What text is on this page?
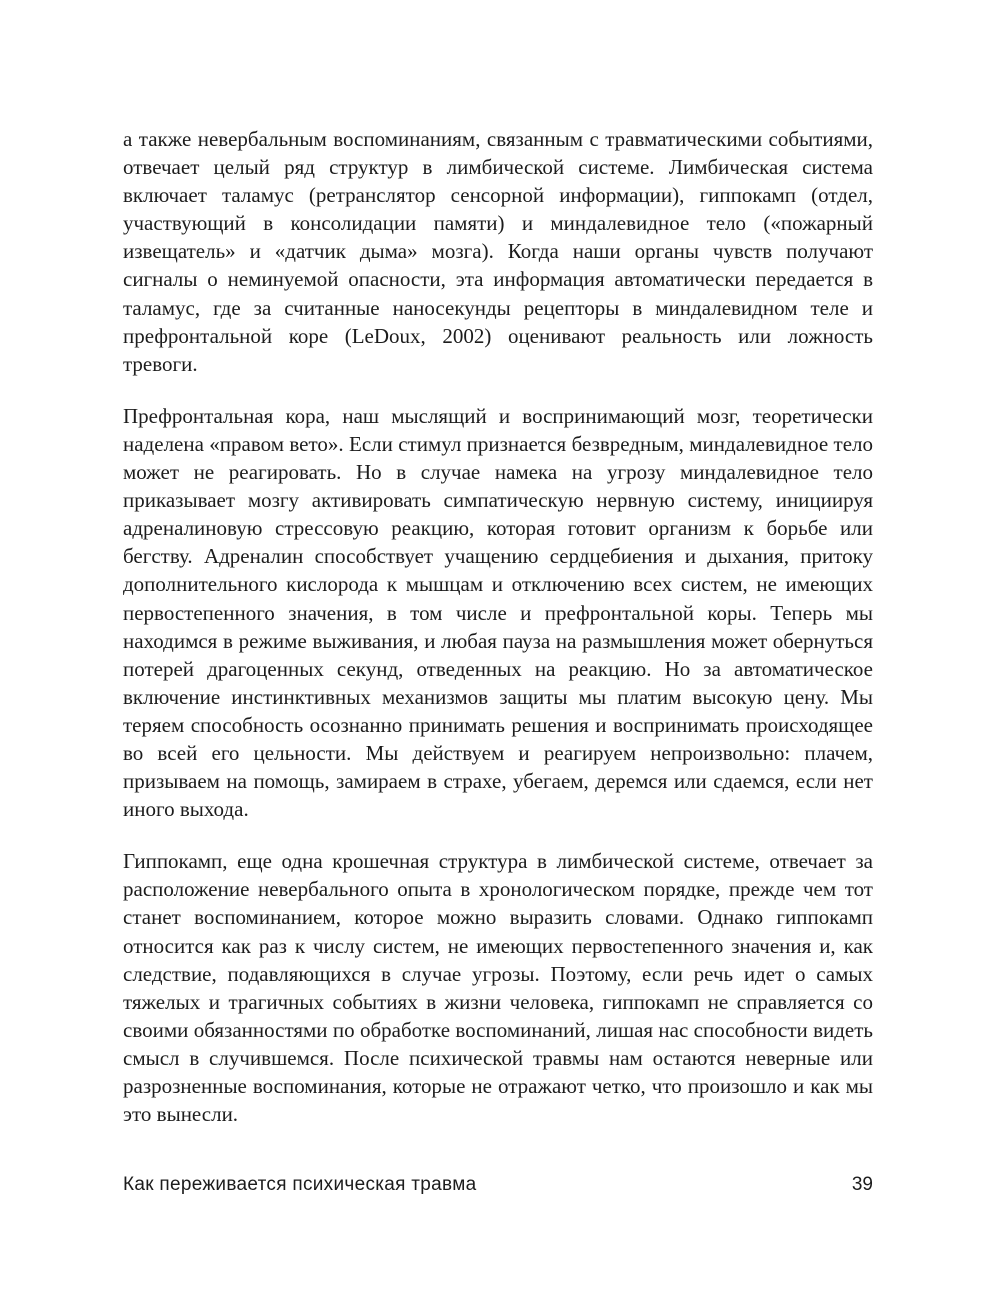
а также невербальным воспоминаниям, связанным с травматическими событиями, отвечает целый ряд структур в лимбической системе. Лимбическая система включает таламус (ретранслятор сенсорной информации), гиппокамп (отдел, участвующий в консолидации памяти) и миндалевидное тело («пожарный извещатель» и «датчик дыма» мозга). Когда наши органы чувств получают сигналы о неминуемой опасности, эта информация автоматически передается в таламус, где за считанные наносекунды рецепторы в миндалевидном теле и префронтальной коре (LeDoux, 2002) оценивают реальность или ложность тревоги.

Префронтальная кора, наш мыслящий и воспринимающий мозг, теоретически наделена «правом вето». Если стимул признается безвредным, миндалевидное тело может не реагировать. Но в случае намека на угрозу миндалевидное тело приказывает мозгу активировать симпатическую нервную систему, инициируя адреналиновую стрессовую реакцию, которая готовит организм к борьбе или бегству. Адреналин способствует учащению сердцебиения и дыхания, притоку дополнительного кислорода к мышцам и отключению всех систем, не имеющих первостепенного значения, в том числе и префронтальной коры. Теперь мы находимся в режиме выживания, и любая пауза на размышления может обернуться потерей драгоценных секунд, отведенных на реакцию. Но за автоматическое включение инстинктивных механизмов защиты мы платим высокую цену. Мы теряем способность осознанно принимать решения и воспринимать происходящее во всей его цельности. Мы действуем и реагируем непроизвольно: плачем, призываем на помощь, замираем в страхе, убегаем, деремся или сдаемся, если нет иного выхода.

Гиппокамп, еще одна крошечная структура в лимбической системе, отвечает за расположение невербального опыта в хронологическом порядке, прежде чем тот станет воспоминанием, которое можно выразить словами. Однако гиппокамп относится как раз к числу систем, не имеющих первостепенного значения и, как следствие, подавляющихся в случае угрозы. Поэтому, если речь идет о самых тяжелых и трагичных событиях в жизни человека, гиппокамп не справляется со своими обязанностями по обработке воспоминаний, лишая нас способности видеть смысл в случившемся. После психической травмы нам остаются неверные или разрозненные воспоминания, которые не отражают четко, что произошло и как мы это вынесли.

Как переживается психическая травма	39
